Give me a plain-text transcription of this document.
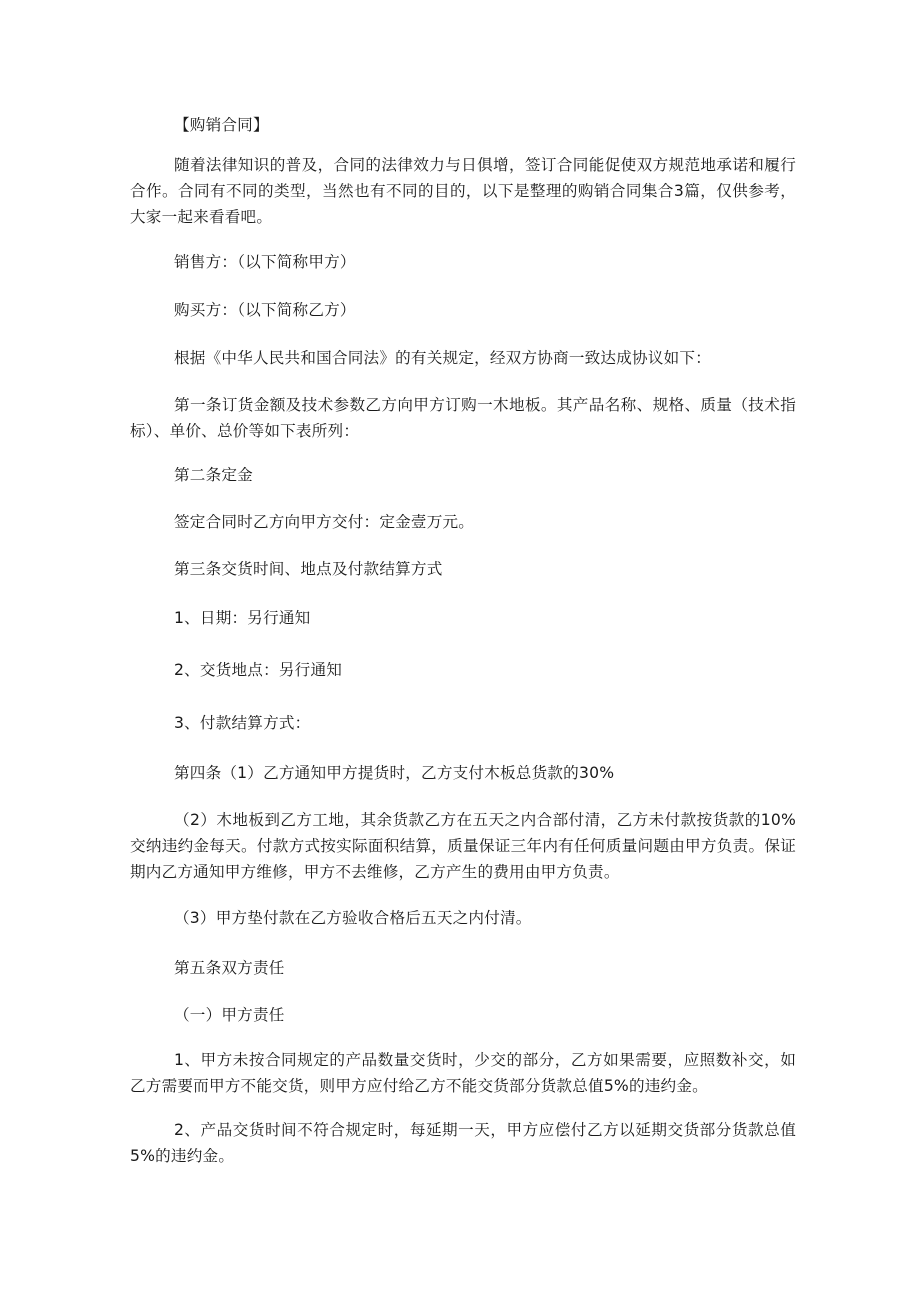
【购销合同】

随着法律知识的普及，合同的法律效力与日俱增，签订合同能促使双方规范地承诺和履行合作。合同有不同的类型，当然也有不同的目的，以下是整理的购销合同集合3篇，仅供参考，大家一起来看看吧。

销售方：（以下简称甲方）

购买方：（以下简称乙方）

根据《中华人民共和国合同法》的有关规定，经双方协商一致达成协议如下：

第一条订货金额及技术参数乙方向甲方订购一木地板。其产品名称、规格、质量（技术指标）、单价、总价等如下表所列：

第二条定金

签定合同时乙方向甲方交付：定金壹万元。

第三条交货时间、地点及付款结算方式

1、日期：另行通知

2、交货地点：另行通知

3、付款结算方式：

第四条（1）乙方通知甲方提货时，乙方支付木板总货款的30%

（2）木地板到乙方工地，其余货款乙方在五天之内合部付清，乙方未付款按货款的10%交纳违约金每天。付款方式按实际面积结算，质量保证三年内有任何质量问题由甲方负责。保证期内乙方通知甲方维修，甲方不去维修，乙方产生的费用由甲方负责。

（3）甲方垫付款在乙方验收合格后五天之内付清。

第五条双方责任

（一）甲方责任

1、甲方未按合同规定的产品数量交货时，少交的部分，乙方如果需要，应照数补交，如乙方需要而甲方不能交货，则甲方应付给乙方不能交货部分货款总值5%的违约金。

2、产品交货时间不符合规定时，每延期一天，甲方应偿付乙方以延期交货部分货款总值5%的违约金。
